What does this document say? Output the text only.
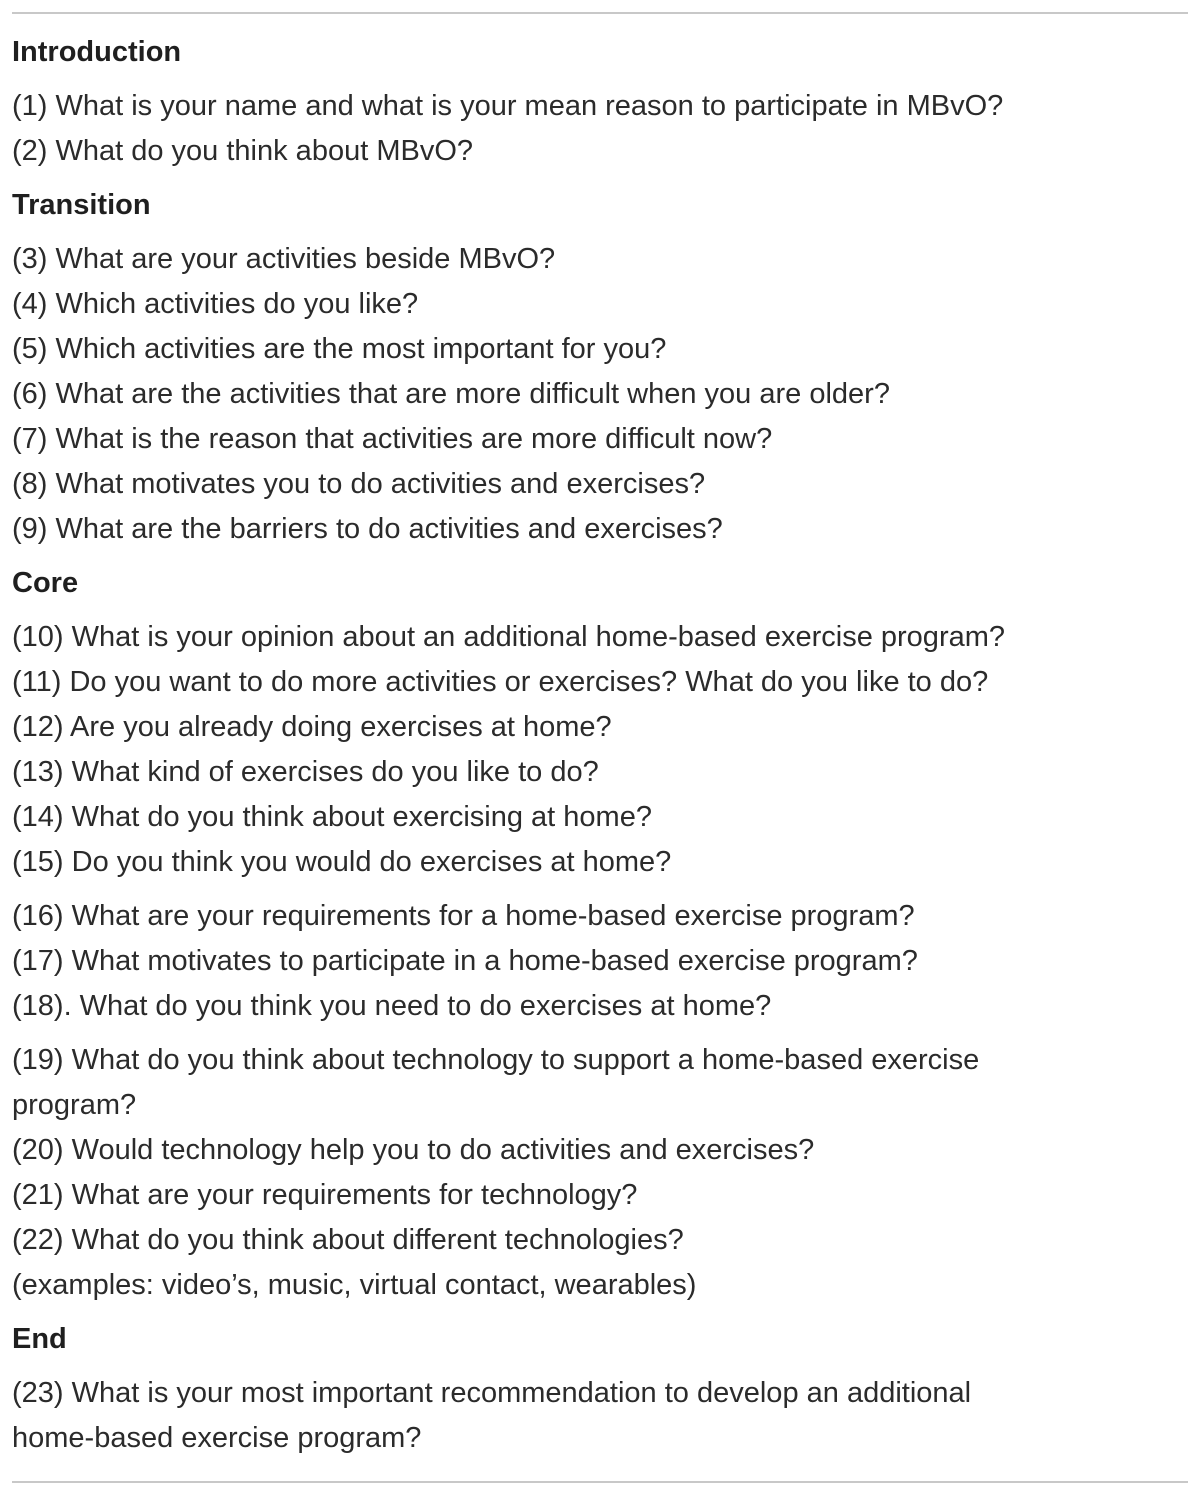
Introduction
(1) What is your name and what is your mean reason to participate in MBvO?
(2) What do you think about MBvO?
Transition
(3) What are your activities beside MBvO?
(4) Which activities do you like?
(5) Which activities are the most important for you?
(6) What are the activities that are more difficult when you are older?
(7) What is the reason that activities are more difficult now?
(8) What motivates you to do activities and exercises?
(9) What are the barriers to do activities and exercises?
Core
(10) What is your opinion about an additional home-based exercise program?
(11) Do you want to do more activities or exercises? What do you like to do?
(12) Are you already doing exercises at home?
(13) What kind of exercises do you like to do?
(14) What do you think about exercising at home?
(15) Do you think you would do exercises at home?
(16) What are your requirements for a home-based exercise program?
(17) What motivates to participate in a home-based exercise program?
(18). What do you think you need to do exercises at home?
(19) What do you think about technology to support a home-based exercise
program?
(20) Would technology help you to do activities and exercises?
(21) What are your requirements for technology?
(22) What do you think about different technologies?
(examples: video’s, music, virtual contact, wearables)
End
(23) What is your most important recommendation to develop an additional
home-based exercise program?
